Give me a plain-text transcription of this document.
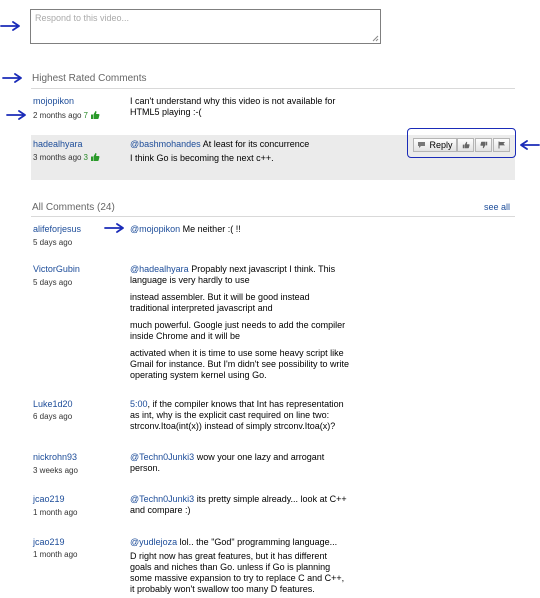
Respond to this video...
Highest Rated Comments
mojopikon
2 months ago 7

I can't understand why this video is not available for

HTML5 playing :-(

hadealhyara
3 months ago 3

@bashmohandes At least for its concurrence

I think Go is becoming the next c++.

Reply
All Comments (24)	see all
alifeforjesus
5 days ago

@mojopikon Me neither :( !!

VictorGubin
5 days ago

@hadealhyara Propably next javascript I think. This

language is very hardly to use

instead assembler. But it will be good instead

traditional interpreted javascript and

much powerful. Google just needs to add the compiler

inside Chrome and it will be

activated when it is time to use some heavy script like

Gmail for instance. But I'm didn't see possibility to write

operating system kernel using Go.

Luke1d20
6 days ago

5:00, if the compiler knows that Int has representation

as int, why is the explicit cast required on line two:

strconv.Itoa(int(x)) instead of simply strconv.Itoa(x)?

nickrohn93
3 weeks ago

@Techn0Junki3 wow your one lazy and arrogant

person.

jcao219
1 month ago

@Techn0Junki3 its pretty simple already... look at C++

and compare :)

jcao219
1 month ago

@yudlejoza lol.. the "God" programming language...

D right now has great features, but it has different

goals and niches than Go. unless if Go is planning

some massive expansion to try to replace C and C++,

it probably won't swallow too many D features.
